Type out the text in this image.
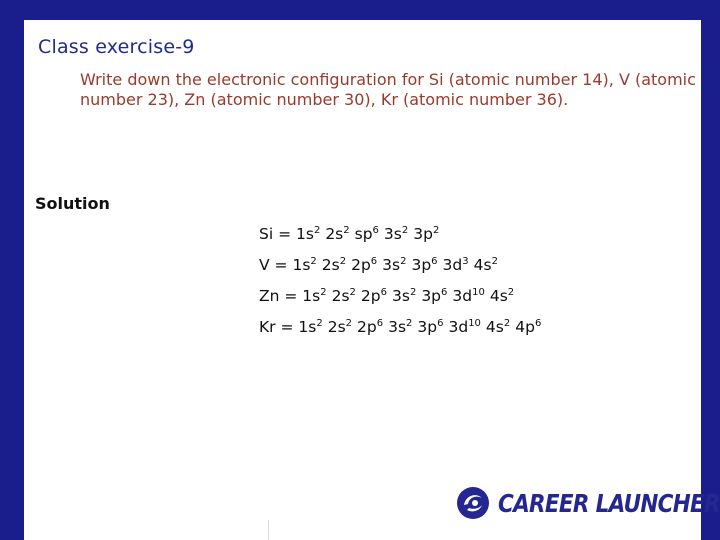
Class exercise-9

Write down the electronic configuration for Si (atomic number 14), V (atomic number 23), Zn (atomic number 30), Kr (atomic number 36).

Solution

$Si = 1s^2$ $2s^2$ $sp^6$ $3s^2$ $3p^2$
$V = 1s^2$ $2s^2$ $2p^6$ $3s^2$ $3p^6$ $3d^3$ $4s^2$
$Zn = 1s^2$ $2s^2$ $2p^6$ $3s^2$ $3p^6$ $3d^{10}$ $4s^2$
$Kr = 1s^2$ $2s^2$ $2p^6$ $3s^2$ $3p^6$ $3d^{10}$ $4s^2$ $4p^6$
CAREER LAUNCHER
